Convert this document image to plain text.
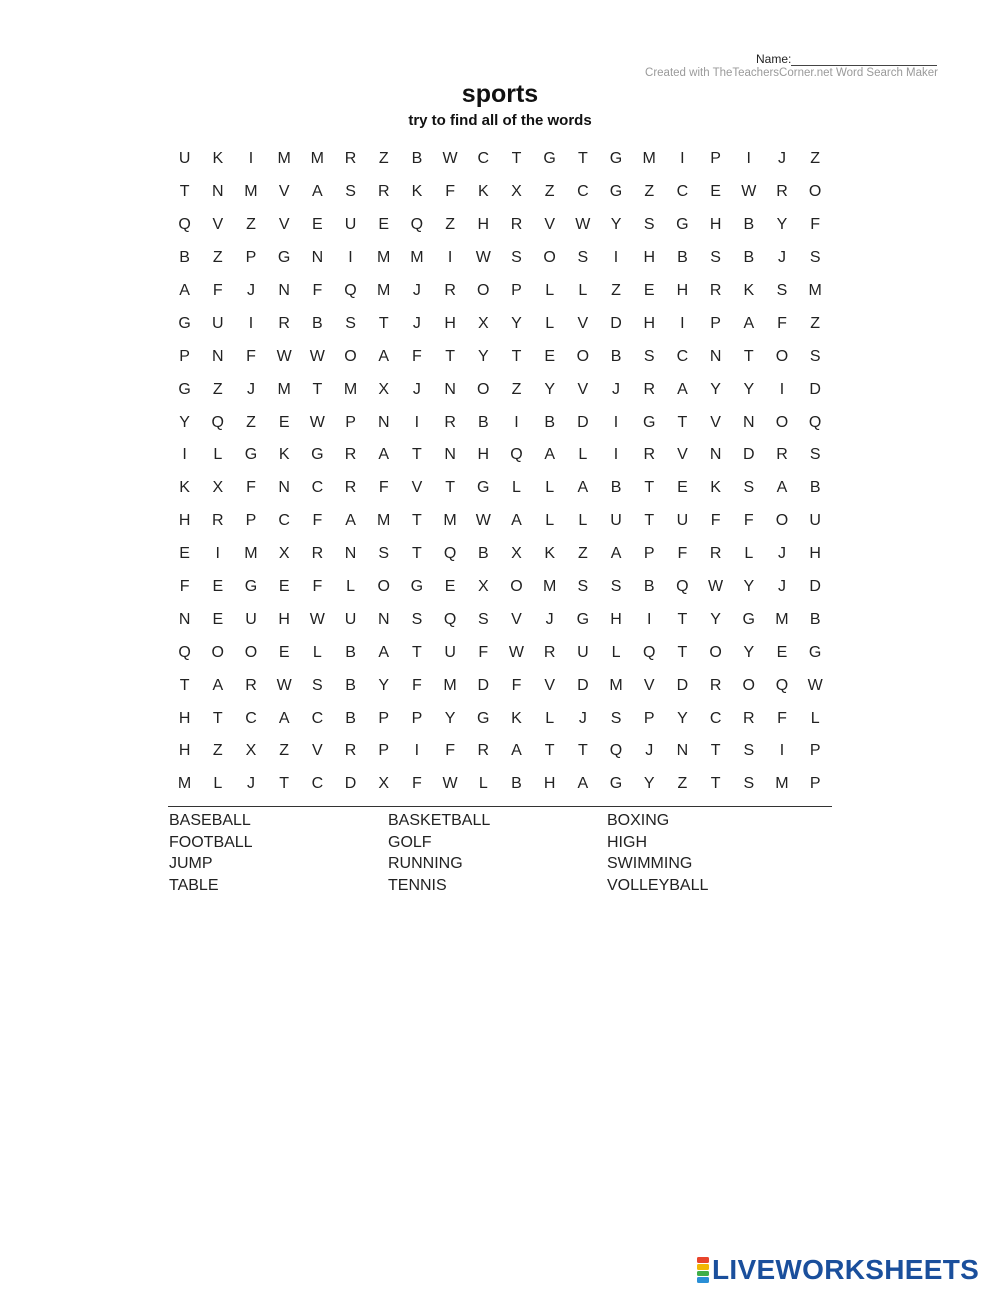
Name:
Created with TheTeachersCorner.net Word Search Maker
sports
try to find all of the words
U	K	I	M	M	R	Z	B	W	C	T	G	T	G	M	I	P	I	J	Z
T	N	M	V	A	S	R	K	F	K	X	Z	C	G	Z	C	E	W	R	O
Q	V	Z	V	E	U	E	Q	Z	H	R	V	W	Y	S	G	H	B	Y	F
B	Z	P	G	N	I	M	M	I	W	S	O	S	I	H	B	S	B	J	S
A	F	J	N	F	Q	M	J	R	O	P	L	L	Z	E	H	R	K	S	M
G	U	I	R	B	S	T	J	H	X	Y	L	V	D	H	I	P	A	F	Z
P	N	F	W	W	O	A	F	T	Y	T	E	O	B	S	C	N	T	O	S
G	Z	J	M	T	M	X	J	N	O	Z	Y	V	J	R	A	Y	Y	I	D
Y	Q	Z	E	W	P	N	I	R	B	I	B	D	I	G	T	V	N	O	Q
I	L	G	K	G	R	A	T	N	H	Q	A	L	I	R	V	N	D	R	S
K	X	F	N	C	R	F	V	T	G	L	L	A	B	T	E	K	S	A	B
H	R	P	C	F	A	M	T	M	W	A	L	L	U	T	U	F	F	O	U
E	I	M	X	R	N	S	T	Q	B	X	K	Z	A	P	F	R	L	J	H
F	E	G	E	F	L	O	G	E	X	O	M	S	S	B	Q	W	Y	J	D
N	E	U	H	W	U	N	S	Q	S	V	J	G	H	I	T	Y	G	M	B
Q	O	O	E	L	B	A	T	U	F	W	R	U	L	Q	T	O	Y	E	G
T	A	R	W	S	B	Y	F	M	D	F	V	D	M	V	D	R	O	Q	W
H	T	C	A	C	B	P	P	Y	G	K	L	J	S	P	Y	C	R	F	L
H	Z	X	Z	V	R	P	I	F	R	A	T	T	Q	J	N	T	S	I	P
M	L	J	T	C	D	X	F	W	L	B	H	A	G	Y	Z	T	S	M	P
BASEBALL	BASKETBALL	BOXING
FOOTBALL	GOLF	HIGH
JUMP	RUNNING	SWIMMING
TABLE	TENNIS	VOLLEYBALL
LIVEWORKSHEETS
